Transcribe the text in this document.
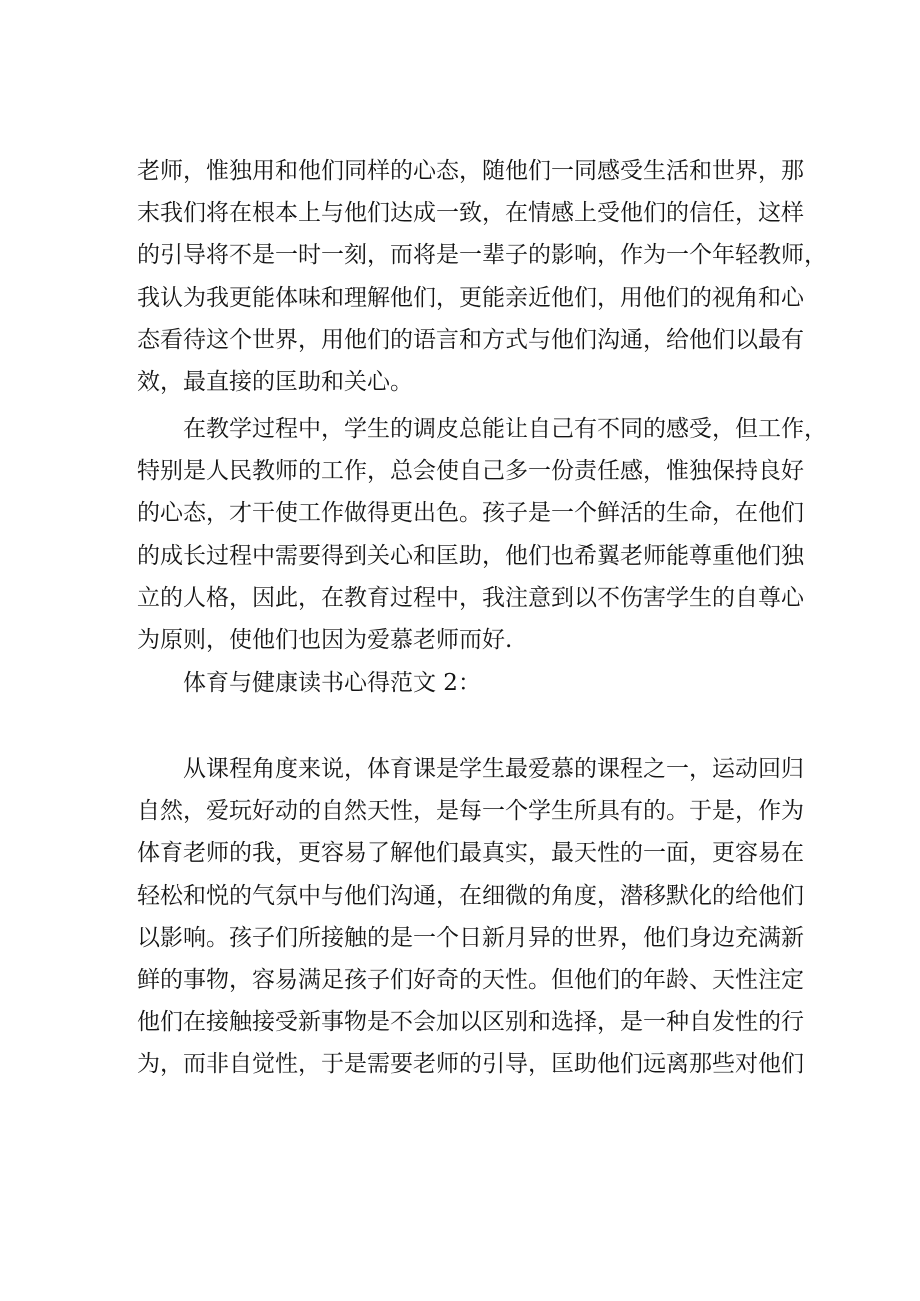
老师，惟独用和他们同样的心态，随他们一同感受生活和世界，那
末我们将在根本上与他们达成一致，在情感上受他们的信任，这样
的引导将不是一时一刻，而将是一辈子的影响，作为一个年轻教师，
我认为我更能体味和理解他们，更能亲近他们，用他们的视角和心
态看待这个世界，用他们的语言和方式与他们沟通，给他们以最有
效，最直接的匡助和关心。
在教学过程中，学生的调皮总能让自己有不同的感受，但工作，
特别是人民教师的工作，总会使自己多一份责任感，惟独保持良好
的心态，才干使工作做得更出色。孩子是一个鲜活的生命，在他们
的成长过程中需要得到关心和匡助，他们也希翼老师能尊重他们独
立的人格，因此，在教育过程中，我注意到以不伤害学生的自尊心
为原则，使他们也因为爱慕老师而好.
体育与健康读书心得范文 2：
从课程角度来说，体育课是学生最爱慕的课程之一，运动回归
自然，爱玩好动的自然天性，是每一个学生所具有的。于是，作为
体育老师的我，更容易了解他们最真实，最天性的一面，更容易在
轻松和悦的气氛中与他们沟通，在细微的角度，潜移默化的给他们
以影响。孩子们所接触的是一个日新月异的世界，他们身边充满新
鲜的事物，容易满足孩子们好奇的天性。但他们的年龄、天性注定
他们在接触接受新事物是不会加以区别和选择，是一种自发性的行
为，而非自觉性，于是需要老师的引导，匡助他们远离那些对他们
